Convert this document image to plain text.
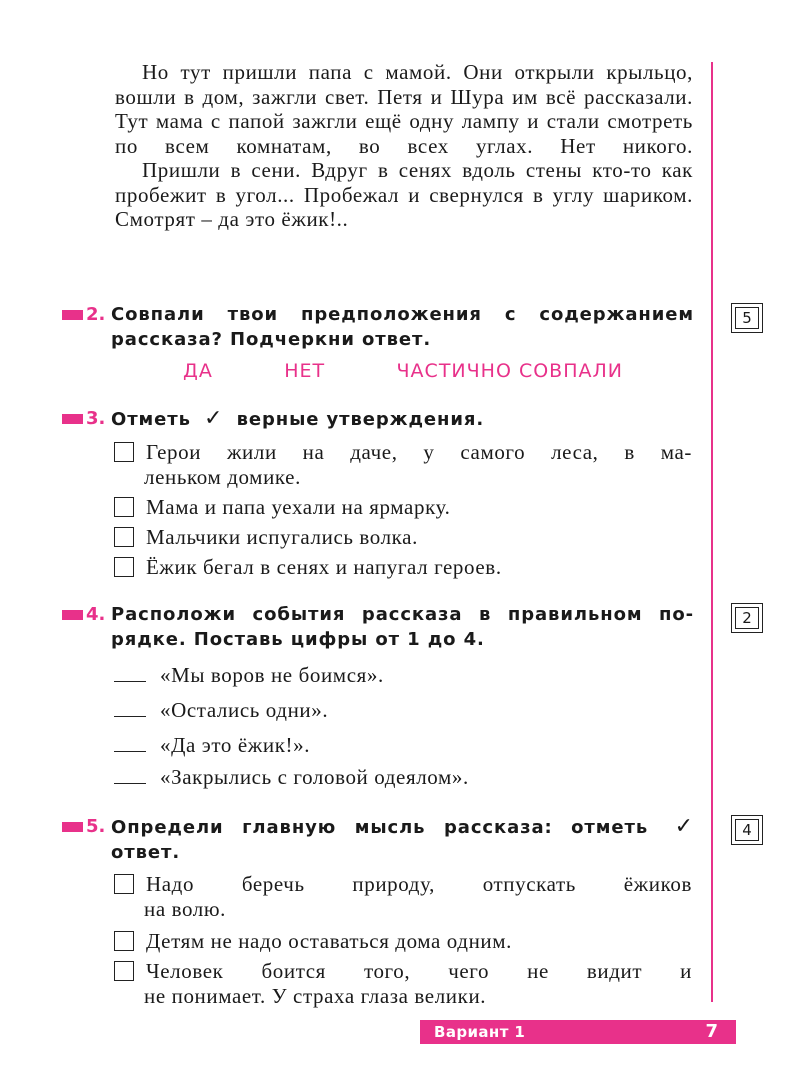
Но тут пришли папа с мамой. Они открыли крыльцо, вошли в дом, зажгли свет. Петя и Шура им всё рассказали. Тут мама с папой зажгли ещё одну лампу и стали смотреть по всем комнатам, во всех углах. Нет никого.

Пришли в сени. Вдруг в сенях вдоль стены кто-то как пробежит в угол... Пробежал и свернулся в углу шариком. Смотрят – да это ёжик!..

2. Совпали твои предположения с содержанием
рассказа? Подчеркни ответ.
5
ДА	НЕТ	ЧАСТИЧНО СОВПАЛИ
3. Отметь ✓ верные утверждения.
Герои жили на даче, у самого леса, в ма-
леньком домике.
Мама и папа уехали на ярмарку.
Мальчики испугались волка.
Ёжик бегал в сенях и напугал героев.
4. Расположи события рассказа в правильном по-
рядке. Поставь цифры от 1 до 4.
2
«Мы воров не боимся».
«Остались одни».
«Да это ёжик!».
«Закрылись с головой одеялом».
5. Определи главную мысль рассказа: отметь ✓
ответ.
4
Надо беречь природу, отпускать ёжиков
на волю.
Детям не надо оставаться дома одним.
Человек боится того, чего не видит и
не понимает. У страха глаза велики.
Вариант 1	7
